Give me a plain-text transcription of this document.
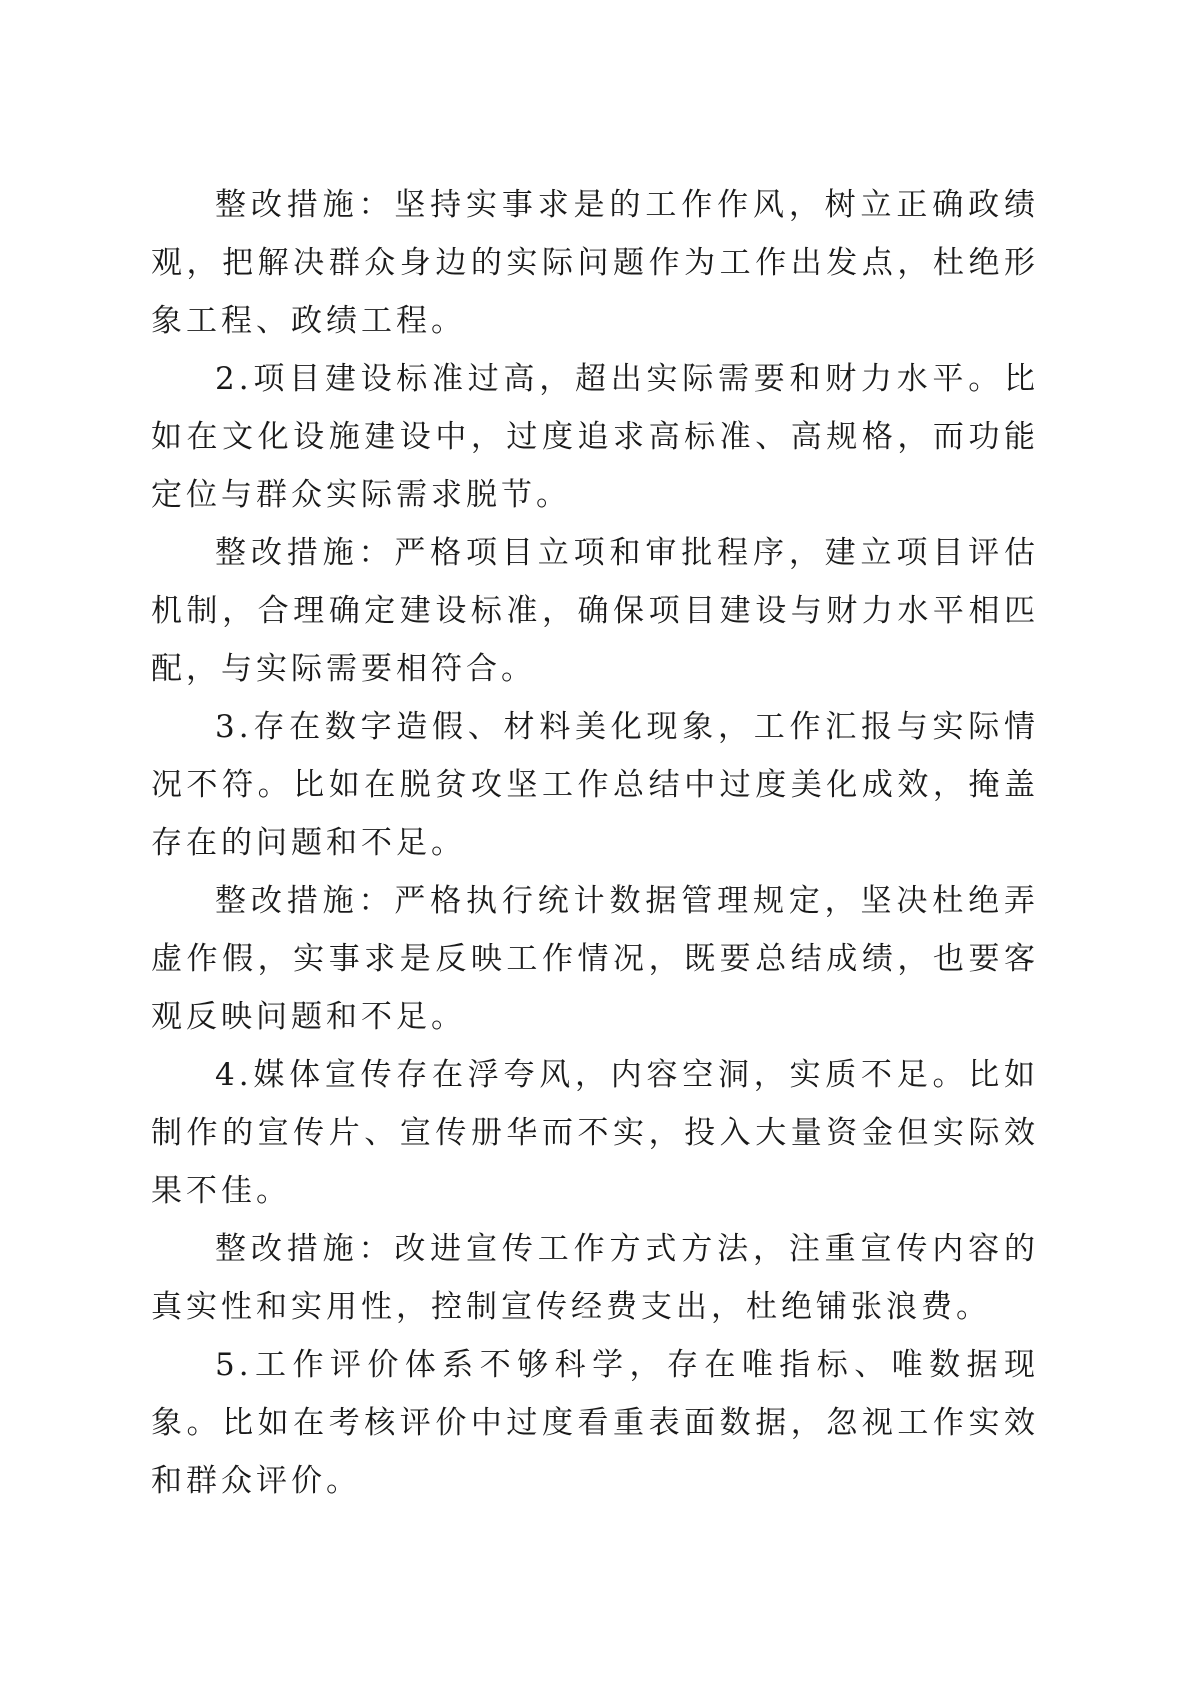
整改措施：坚持实事求是的工作作风，树立正确政绩观，把解决群众身边的实际问题作为工作出发点，杜绝形象工程、政绩工程。

2.项目建设标准过高，超出实际需要和财力水平。比如在文化设施建设中，过度追求高标准、高规格，而功能定位与群众实际需求脱节。

整改措施：严格项目立项和审批程序，建立项目评估机制，合理确定建设标准，确保项目建设与财力水平相匹配，与实际需要相符合。

3.存在数字造假、材料美化现象，工作汇报与实际情况不符。比如在脱贫攻坚工作总结中过度美化成效，掩盖存在的问题和不足。

整改措施：严格执行统计数据管理规定，坚决杜绝弄虚作假，实事求是反映工作情况，既要总结成绩，也要客观反映问题和不足。

4.媒体宣传存在浮夸风，内容空洞，实质不足。比如制作的宣传片、宣传册华而不实，投入大量资金但实际效果不佳。

整改措施：改进宣传工作方式方法，注重宣传内容的真实性和实用性，控制宣传经费支出，杜绝铺张浪费。

5.工作评价体系不够科学，存在唯指标、唯数据现象。比如在考核评价中过度看重表面数据，忽视工作实效和群众评价。
